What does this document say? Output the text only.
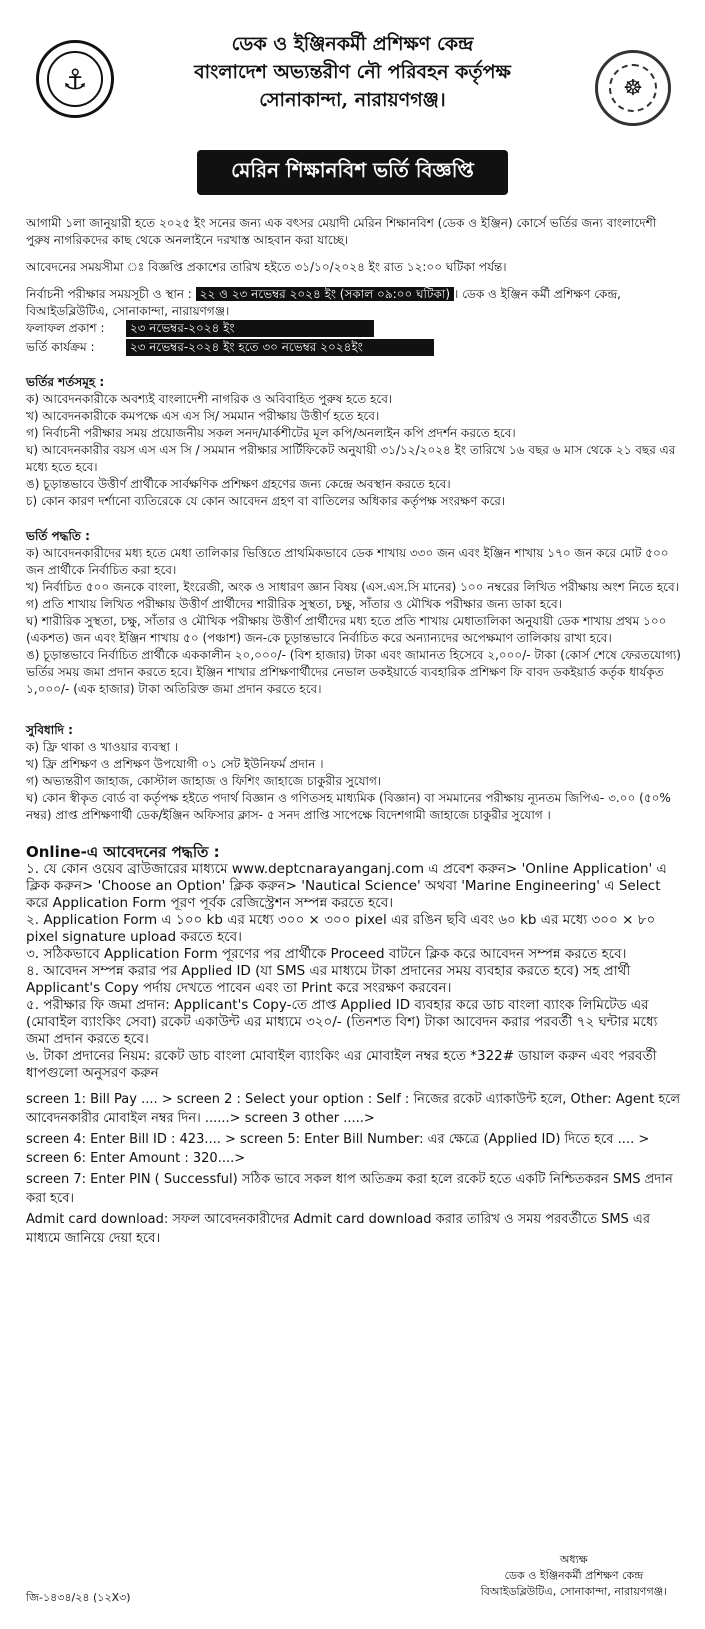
⚓
ডেক ও ইঞ্জিনকর্মী প্রশিক্ষণ কেন্দ্র
বাংলাদেশ অভ্যন্তরীণ নৌ পরিবহন কর্তৃপক্ষ
সোনাকান্দা, নারায়ণগঞ্জ।	☸
মেরিন শিক্ষানবিশ ভর্তি বিজ্ঞপ্তি

আগামী ১লা জানুয়ারী হতে ২০২৫ ইং সনের জন্য এক বৎসর মেয়াদী মেরিন শিক্ষানবিশ (ডেক ও ইঞ্জিন) কোর্সে ভর্তির জন্য বাংলাদেশী পুরুষ নাগরিকদের কাছ থেকে অনলাইনে দরখাস্ত আহবান করা যাচ্ছে।

আবেদনের সময়সীমা ঃ বিজ্ঞপ্তি প্রকাশের তারিখ হইতে ৩১/১০/২০২৪ ইং রাত ১২:০০ ঘটিকা পর্যন্ত।

নির্বাচনী পরীক্ষার সময়সূচী ও স্থান : ২২ ও ২৩ নভেম্বর ২০২৪ ইং (সকাল ০৯:০০ ঘটিকা) । ডেক ও ইঞ্জিন কর্মী প্রশিক্ষণ কেন্দ্র, বিআইডব্লিউটিএ, সোনাকান্দা, নারায়ণগঞ্জ।

ফলাফল প্রকাশ : ২৩ নভেম্বর-২০২৪ ইং
ভর্তি কার্যক্রম :	২৩ নভেম্বর-২০২৪ ইং হতে ৩০ নভেম্বর ২০২৪ইং
ভর্তির শর্তসমূহ :
ক) আবেদনকারীকে অবশ্যই বাংলাদেশী নাগরিক ও অবিবাহিত পুরুষ হতে হবে।
খ) আবেদনকারীকে কমপক্ষে এস এস সি/ সমমান পরীক্ষায় উত্তীর্ণ হতে হবে।
গ) নির্বাচনী পরীক্ষার সময় প্রয়োজনীয় সকল সনদ/মার্কশীটের মূল কপি/অনলাইন কপি প্রদর্শন করতে হবে।
ঘ) আবেদনকারীর বয়স এস এস সি / সমমান পরীক্ষার সার্টিফিকেট অনুযায়ী ৩১/১২/২০২৪ ইং তারিখে ১৬ বছর ৬ মাস থেকে ২১ বছর এর মধ্যে হতে হবে।
ঙ) চূড়ান্তভাবে উত্তীর্ণ প্রার্থীকে সার্বক্ষণিক প্রশিক্ষণ গ্রহণের জন্য কেন্দ্রে অবস্থান করতে হবে।
চ) কোন কারণ দর্শানো ব্যতিরেকে যে কোন আবেদন গ্রহণ বা বাতিলের অধিকার কর্তৃপক্ষ সংরক্ষণ করে।
ভর্তি পদ্ধতি :
ক) আবেদনকারীদের মধ্য হতে মেধা তালিকার ভিত্তিতে প্রাথমিকভাবে ডেক শাখায় ৩৩০ জন এবং ইঞ্জিন শাখায় ১৭০ জন করে মোট ৫০০ জন প্রার্থীকে নির্বাচিত করা হবে।
খ) নির্বাচিত ৫০০ জনকে বাংলা, ইংরেজী, অংক ও সাধারণ জ্ঞান বিষয় (এস.এস.সি মানের) ১০০ নম্বরের লিখিত পরীক্ষায় অংশ নিতে হবে।
গ) প্রতি শাখায় লিখিত পরীক্ষায় উত্তীর্ণ প্রার্থীদের শারীরিক সুস্থতা, চক্ষু, সাঁতার ও মৌখিক পরীক্ষার জন্য ডাকা হবে।
ঘ) শারীরিক সুস্থতা, চক্ষু, সাঁতার ও মৌখিক পরীক্ষায় উত্তীর্ণ প্রার্থীদের মধ্য হতে প্রতি শাখায় মেধাতালিকা অনুযায়ী ডেক শাখায় প্রথম ১০০ (একশত) জন এবং ইঞ্জিন শাখায় ৫০ (পঞ্চাশ) জন-কে চূড়ান্তভাবে নির্বাচিত করে অন্যান্যদের অপেক্ষমাণ তালিকায় রাখা হবে।
ঙ) চূড়ান্তভাবে নির্বাচিত প্রার্থীকে এককালীন ২০,০০০/- (বিশ হাজার) টাকা এবং জামানত হিসেবে ২,০০০/- টাকা (কোর্স শেষে ফেরতযোগ্য) ভর্তির সময় জমা প্রদান করতে হবে। ইঞ্জিন শাখার প্রশিক্ষণার্থীদের নেভাল ডকইয়ার্ডে ব্যবহারিক প্রশিক্ষণ ফি বাবদ ডকইয়ার্ড কর্তৃক ধার্যকৃত ১,০০০/- (এক হাজার) টাকা অতিরিক্ত জমা প্রদান করতে হবে।
সুবিধাদি :
ক) ফ্রি থাকা ও খাওয়ার ব্যবস্থা ।
খ) ফ্রি প্রশিক্ষণ ও প্রশিক্ষণ উপযোগী ০১ সেট ইউনিফর্ম প্রদান ।
গ) অভ্যন্তরীণ জাহাজ, কোস্টাল জাহাজ ও ফিশিং জাহাজে চাকুরীর সুযোগ।
ঘ) কোন স্বীকৃত বোর্ড বা কর্তৃপক্ষ হইতে পদার্থ বিজ্ঞান ও গণিতসহ মাধ্যমিক (বিজ্ঞান) বা সমমানের পরীক্ষায় ন্যূনতম জিপিএ- ৩.০০ (৫০% নম্বর) প্রাপ্ত প্রশিক্ষণার্থী ডেক/ইঞ্জিন অফিসার ক্লাস- ৫ সনদ প্রাপ্তি সাপেক্ষে বিদেশগামী জাহাজে চাকুরীর সুযোগ ।
Online-এ আবেদনের পদ্ধতি :
১. যে কোন ওয়েব ব্রাউজারের মাধ্যমে www.deptcnarayanganj.com এ প্রবেশ করুন> 'Online Application' এ ক্লিক করুন> 'Choose an Option' ক্লিক করুন> 'Nautical Science' অথবা 'Marine Engineering' এ Select করে Application Form পূরণ পূর্বক রেজিস্ট্রেশন সম্পন্ন করতে হবে।
২. Application Form এ ১০০ kb এর মধ্যে ৩০০ × ৩০০ pixel এর রঙিন ছবি এবং ৬০ kb এর মধ্যে ৩০০ × ৮০ pixel signature upload করতে হবে।
৩. সঠিকভাবে Application Form পূরণের পর প্রার্থীকে Proceed বাটনে ক্লিক করে আবেদন সম্পন্ন করতে হবে।
৪. আবেদন সম্পন্ন করার পর Applied ID (যা SMS এর মাধ্যমে টাকা প্রদানের সময় ব্যবহার করতে হবে) সহ প্রার্থী Applicant's Copy পর্দায় দেখতে পাবেন এবং তা Print করে সংরক্ষণ করবেন।
৫. পরীক্ষার ফি জমা প্রদান: Applicant's Copy-তে প্রাপ্ত Applied ID ব্যবহার করে ডাচ বাংলা ব্যাংক লিমিটেড এর (মোবাইল ব্যাংকিং সেবা) রকেট একাউন্ট এর মাধ্যমে ৩২০/- (তিনশত বিশ) টাকা আবেদন করার পরবর্তী ৭২ ঘন্টার মধ্যে জমা প্রদান করতে হবে।
৬. টাকা প্রদানের নিয়ম: রকেট ডাচ বাংলা মোবাইল ব্যাংকিং এর মোবাইল নম্বর হতে *322# ডায়াল করুন এবং পরবর্তী ধাপগুলো অনুসরণ করুন
screen 1: Bill Pay .... > screen 2 : Select your option : Self : নিজের রকেট এ্যাকাউন্ট হলে, Other: Agent হলে আবেদনকারীর মোবাইল নম্বর দিন। ......> screen 3 other .....>
screen 4: Enter Bill ID : 423.... > screen 5: Enter Bill Number: এর ক্ষেত্রে (Applied ID) দিতে হবে .... > screen 6: Enter Amount : 320....>
screen 7: Enter PIN ( Successful) সঠিক ভাবে সকল ধাপ অতিক্রম করা হলে রকেট হতে একটি নিশ্চিতকরন SMS প্রদান করা হবে।
Admit card download: সফল আবেদনকারীদের Admit card download করার তারিখ ও সময় পরবর্তীতে SMS এর মাধ্যমে জানিয়ে দেয়া হবে।
অধ্যক্ষ
ডেক ও ইঞ্জিনকর্মী প্রশিক্ষণ কেন্দ্র
বিআইডব্লিউটিএ, সোনাকান্দা, নারায়ণগঞ্জ।
জি-১৪৩৪/২৪ (১২X৩)
